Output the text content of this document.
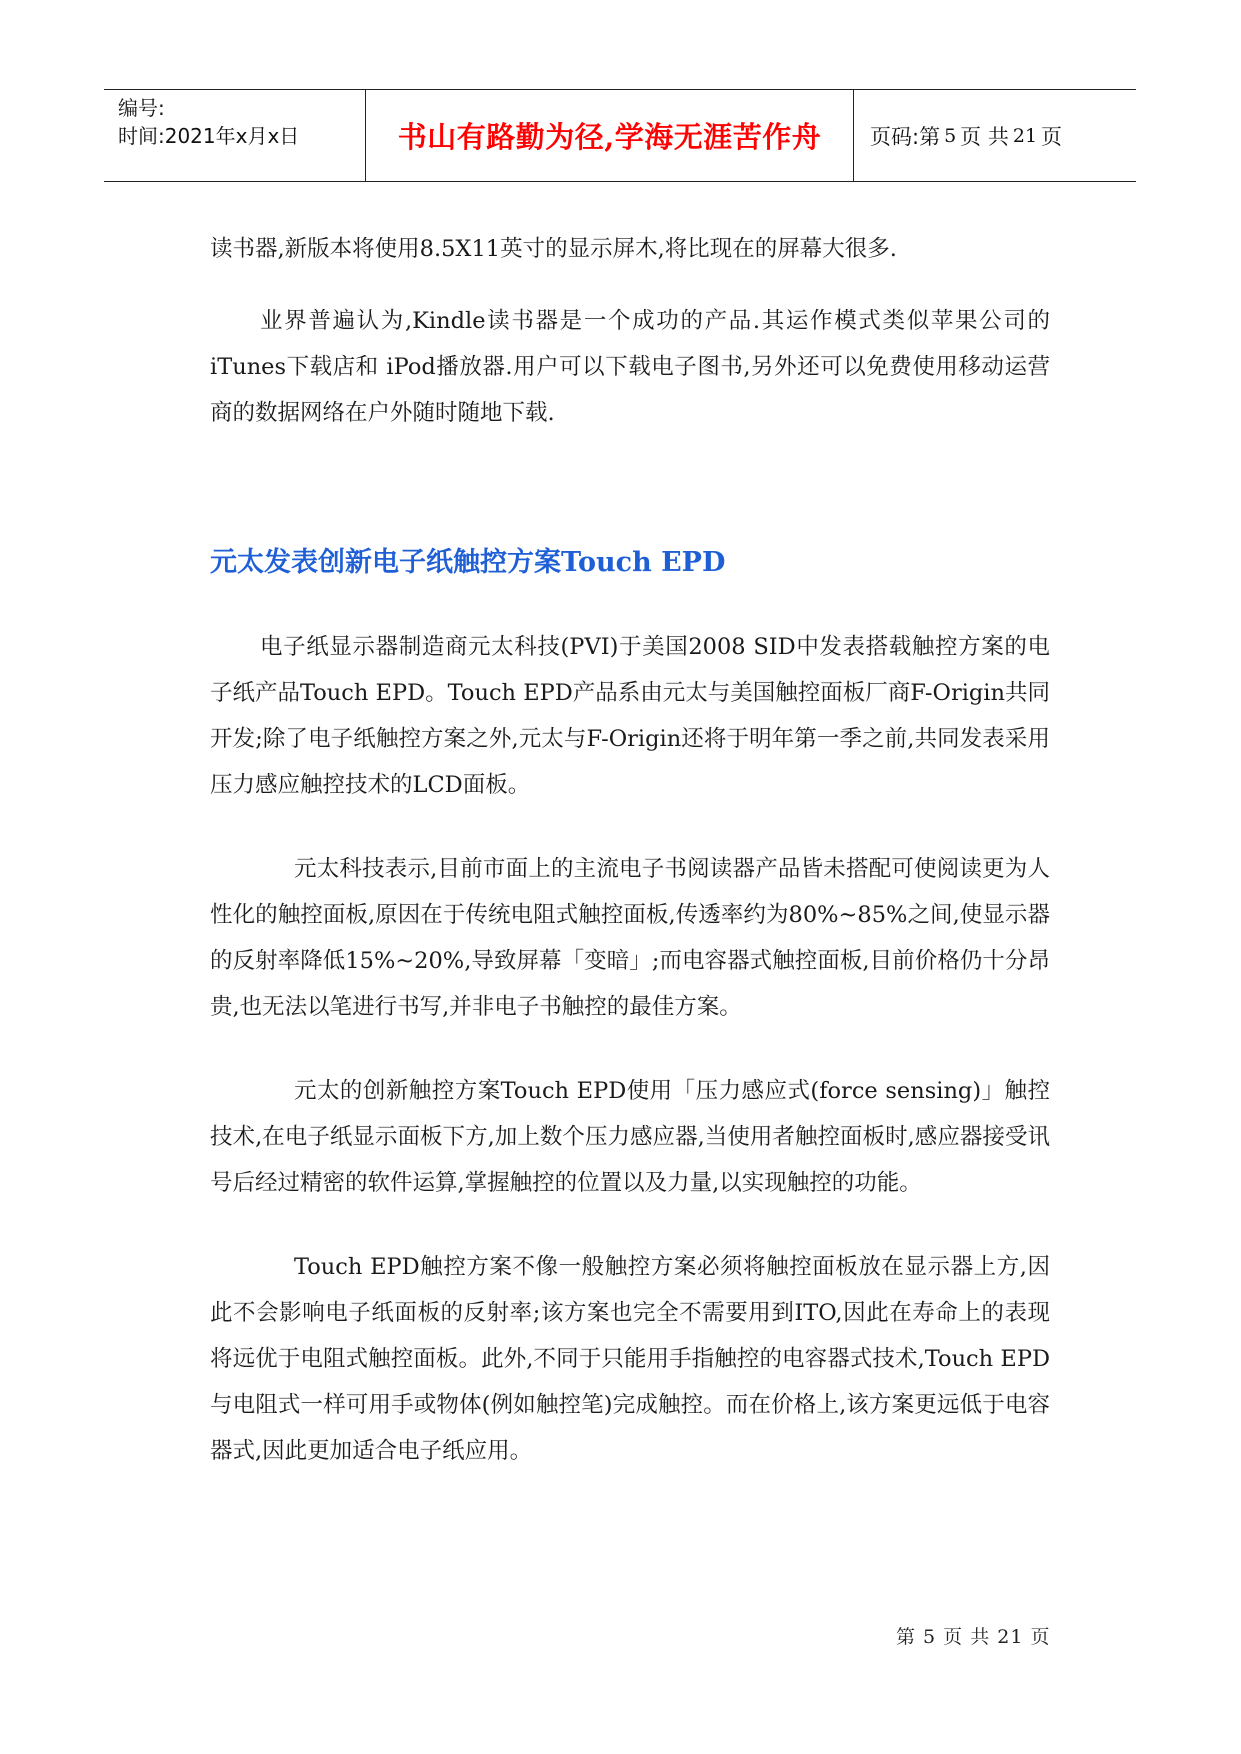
编号:
时间:2021年x月x日	书山有路勤为径,学海无涯苦作舟	页码:第 5 页 共 21 页

读书器,新版本将使用8.5X11英寸的显示屏木,将比现在的屏幕大很多.

业界普遍认为,Kindle读书器是一个成功的产品.其运作模式类似苹果公司的 iTunes下载店和 iPod播放器.用户可以下载电子图书,另外还可以免费使用移动运营商的数据网络在户外随时随地下载.

元太发表创新电子纸触控方案Touch EPD

电子纸显示器制造商元太科技(PVI)于美国2008 SID中发表搭载触控方案的电子纸产品Touch EPD。Touch EPD产品系由元太与美国触控面板厂商F-Origin共同开发;除了电子纸触控方案之外,元太与F-Origin还将于明年第一季之前,共同发表采用压力感应触控技术的LCD面板。

元太科技表示,目前市面上的主流电子书阅读器产品皆未搭配可使阅读更为人性化的触控面板,原因在于传统电阻式触控面板,传透率约为80%~85%之间,使显示器的反射率降低15%~20%,导致屏幕「变暗」;而电容器式触控面板,目前价格仍十分昂贵,也无法以笔进行书写,并非电子书触控的最佳方案。

元太的创新触控方案Touch EPD使用「压力感应式(force sensing)」触控技术,在电子纸显示面板下方,加上数个压力感应器,当使用者触控面板时,感应器接受讯号后经过精密的软件运算,掌握触控的位置以及力量,以实现触控的功能。

Touch EPD触控方案不像一般触控方案必须将触控面板放在显示器上方,因此不会影响电子纸面板的反射率;该方案也完全不需要用到ITO,因此在寿命上的表现将远优于电阻式触控面板。此外,不同于只能用手指触控的电容器式技术,Touch EPD与电阻式一样可用手或物体(例如触控笔)完成触控。而在价格上,该方案更远低于电容器式,因此更加适合电子纸应用。

第 5 页 共 21 页
